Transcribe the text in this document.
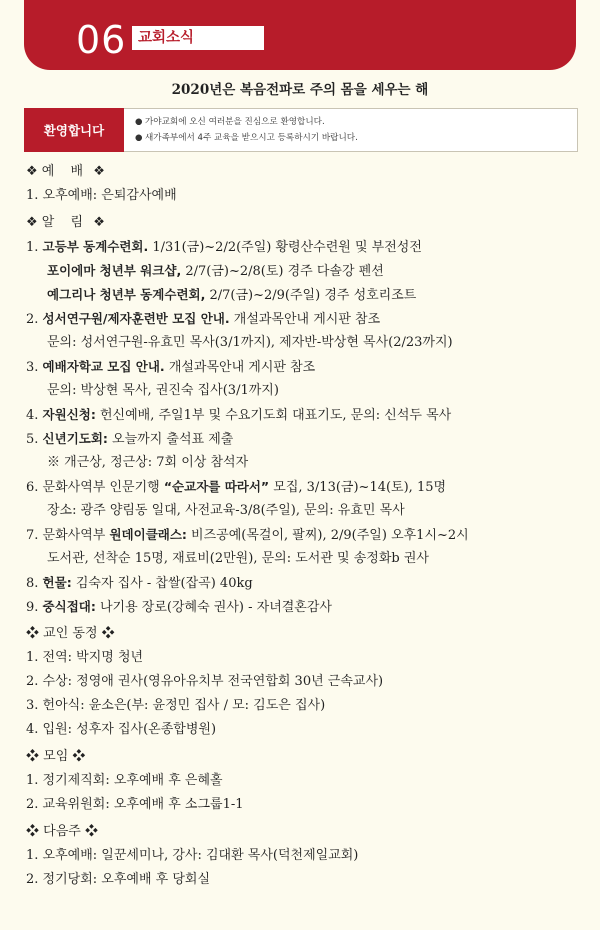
06 교회소식
2020년은 복음전파로 주의 몸을 세우는 해
환영합니다
● 가야교회에 오신 여러분을 진심으로 환영합니다.
● 새가족부에서 4주 교육을 받으시고 등록하시기 바랍니다.
❖ 예 배 ❖
1. 오후예배: 은퇴감사예배
❖ 알 림 ❖
1. 고등부 동계수련회. 1/31(금)~2/2(주일) 황령산수련원 및 부전성전
포이에마 청년부 워크샵, 2/7(금)~2/8(토) 경주 다솔강 펜션
예그리나 청년부 동계수련회, 2/7(금)~2/9(주일) 경주 성호리조트
2. 성서연구원/제자훈련반 모집 안내. 개설과목안내 게시판 참조
문의: 성서연구원-유효민 목사(3/1까지), 제자반-박상현 목사(2/23까지)
3. 예배자학교 모집 안내. 개설과목안내 게시판 참조
문의: 박상현 목사, 권진숙 집사(3/1까지)
4. 자원신청: 헌신예배, 주일1부 및 수요기도회 대표기도, 문의: 신석두 목사
5. 신년기도회: 오늘까지 출석표 제출
※ 개근상, 정근상: 7회 이상 참석자
6. 문화사역부 인문기행 “순교자를 따라서” 모집, 3/13(금)~14(토), 15명
장소: 광주 양림동 일대, 사전교육-3/8(주일), 문의: 유효민 목사
7. 문화사역부 원데이클래스: 비즈공예(목걸이, 팔찌), 2/9(주일) 오후1시~2시
도서관, 선착순 15명, 재료비(2만원), 문의: 도서관 및 송정화b 권사
8. 헌물: 김숙자 집사 - 찹쌀(잡곡) 40kg
9. 중식접대: 나기용 장로(강혜숙 권사) - 자녀결혼감사
❖ 교인 동정 ❖
1. 전역: 박지명 청년
2. 수상: 정영애 권사(영유아유치부 전국연합회 30년 근속교사)
3. 헌아식: 윤소은(부: 윤정민 집사 / 모: 김도은 집사)
4. 입원: 성후자 집사(온종합병원)
❖ 모임 ❖
1. 정기제직회: 오후예배 후 은혜홀
2. 교육위원회: 오후예배 후 소그룹1-1
❖ 다음주 ❖
1. 오후예배: 일꾼세미나, 강사: 김대환 목사(덕천제일교회)
2. 정기당회: 오후예배 후 당회실
